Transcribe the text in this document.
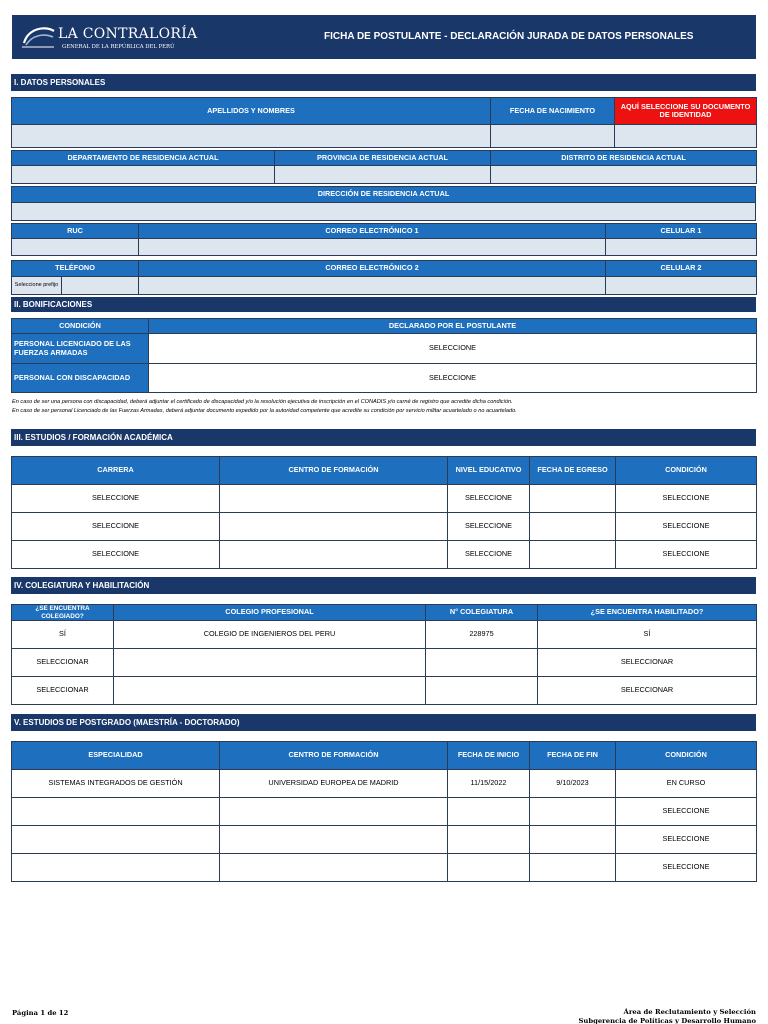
LA CONTRALORÍA
GENERAL DE LA REPÚBLICA DEL PERÚ
FICHA DE POSTULANTE - DECLARACIÓN JURADA DE DATOS PERSONALES
I. DATOS PERSONALES
APELLIDOS Y NOMBRES	FECHA DE NACIMIENTO	AQUÍ SELECCIONE SU DOCUMENTO DE IDENTIDAD

DEPARTAMENTO DE RESIDENCIA ACTUAL	PROVINCIA DE RESIDENCIA ACTUAL	DISTRITO DE RESIDENCIA ACTUAL

DIRECCIÓN DE RESIDENCIA ACTUAL

RUC	CORREO ELECTRÓNICO 1	CELULAR 1

TELÉFONO		CORREO ELECTRÓNICO 2	CELULAR 2
Seleccione prefijo			
II. BONIFICACIONES
CONDICIÓN	DECLARADO POR EL POSTULANTE
PERSONAL LICENCIADO DE LAS FUERZAS ARMADAS	SELECCIONE
PERSONAL CON DISCAPACIDAD	SELECCIONE
En caso de ser una persona con discapacidad, deberá adjuntar el certificado de discapacidad y/o la resolución ejecutiva de inscripción en el CONADIS y/o carné de registro que acredite dicha condición.
En caso de ser personal Licenciado de las Fuerzas Armadas, deberá adjuntar documento expedido por la autoridad competente que acredite su condición por servicio militar acuartelado o no acuartelado.
III. ESTUDIOS / FORMACIÓN ACADÉMICA
CARRERA	CENTRO DE FORMACIÓN	NIVEL EDUCATIVO	FECHA DE EGRESO	CONDICIÓN
SELECCIONE		SELECCIONE		SELECCIONE
SELECCIONE		SELECCIONE		SELECCIONE
SELECCIONE		SELECCIONE		SELECCIONE
IV. COLEGIATURA Y HABILITACIÓN
¿SE ENCUENTRA COLEGIADO?	COLEGIO PROFESIONAL	N° COLEGIATURA	¿SE ENCUENTRA HABILITADO?
SÍ	COLEGIO DE INGENIEROS DEL PERU	228975	SÍ
SELECCIONAR			SELECCIONAR
SELECCIONAR			SELECCIONAR
V. ESTUDIOS DE POSTGRADO (MAESTRÍA - DOCTORADO)
ESPECIALIDAD	CENTRO DE FORMACIÓN	FECHA DE INICIO	FECHA DE FIN	CONDICIÓN
SISTEMAS INTEGRADOS DE GESTIÓN	UNIVERSIDAD EUROPEA DE MADRID	11/15/2022	9/10/2023	EN CURSO
				SELECCIONE
				SELECCIONE
				SELECCIONE
Página 1 de 12	Área de Reclutamiento y Selección
Subgerencia de Políticas y Desarrollo Humano
